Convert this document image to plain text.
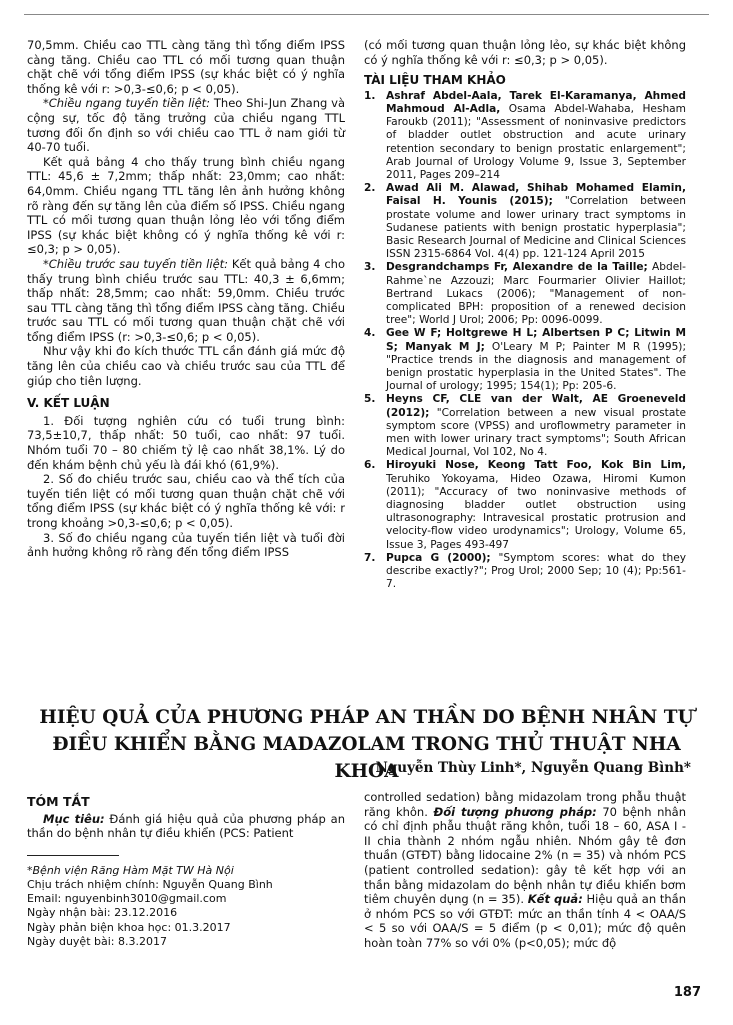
70,5mm. Chiều cao TTL càng tăng thì tổng điểm IPSS càng tăng. Chiều cao TTL có mối tương quan thuận chặt chẽ với tổng điểm IPSS (sự khác biệt có ý nghĩa thống kê với r: >0,3-≤0,6; p < 0,05).

*Chiều ngang tuyến tiền liệt: Theo Shi-Jun Zhang và cộng sự, tốc độ tăng trưởng của chiều ngang TTL tương đối ổn định so với chiều cao TTL ở nam giới từ 40-70 tuổi.

Kết quả bảng 4 cho thấy trung bình chiều ngang TTL: 45,6 ± 7,2mm; thấp nhất: 23,0mm; cao nhất: 64,0mm. Chiều ngang TTL tăng lên ảnh hưởng không rõ ràng đến sự tăng lên của điểm số IPSS. Chiều ngang TTL có mối tương quan thuận lỏng lẻo với tổng điểm IPSS (sự khác biệt không có ý nghĩa thống kê với r: ≤0,3; p > 0,05).

*Chiều trước sau tuyến tiền liệt: Kết quả bảng 4 cho thấy trung bình chiều trước sau TTL: 40,3 ± 6,6mm; thấp nhất: 28,5mm; cao nhất: 59,0mm. Chiều trước sau TTL càng tăng thì tổng điểm IPSS càng tăng. Chiều trước sau TTL có mối tương quan thuận chặt chẽ với tổng điểm IPSS (r: >0,3-≤0,6; p < 0,05).

Như vậy khi đo kích thước TTL cần đánh giá mức độ tăng lên của chiều cao và chiều trước sau của TTL để giúp cho tiên lượng.

V. KẾT LUẬN

1. Đối tượng nghiên cứu có tuổi trung bình: 73,5±10,7, thấp nhất: 50 tuổi, cao nhất: 97 tuổi. Nhóm tuổi 70 – 80 chiếm tỷ lệ cao nhất 38,1%. Lý do đến khám bệnh chủ yếu là đái khó (61,9%).

2. Số đo chiều trước sau, chiều cao và thể tích của tuyến tiền liệt có mối tương quan thuận chặt chẽ với tổng điểm IPSS (sự khác biệt có ý nghĩa thống kê với: r trong khoảng >0,3-≤0,6; p < 0,05).

3. Số đo chiều ngang của tuyến tiền liệt và tuổi đời ảnh hưởng không rõ ràng đến tổng điểm IPSS

(có mối tương quan thuận lỏng lẻo, sự khác biệt không có ý nghĩa thống kê với r: ≤0,3; p > 0,05).

TÀI LIỆU THAM KHẢO
1. Ashraf Abdel-Aala, Tarek El-Karamanya, Ahmed Mahmoud Al-Adla, Osama Abdel-Wahaba, Hesham Faroukb (2011); "Assessment of noninvasive predictors of bladder outlet obstruction and acute urinary retention secondary to benign prostatic enlargement"; Arab Journal of Urology Volume 9, Issue 3, September 2011, Pages 209–214
2. Awad Ali M. Alawad, Shihab Mohamed Elamin, Faisal H. Younis (2015); "Correlation between prostate volume and lower urinary tract symptoms in Sudanese patients with benign prostatic hyperplasia"; Basic Research Journal of Medicine and Clinical Sciences ISSN 2315-6864 Vol. 4(4) pp. 121-124 April 2015
3. Desgrandchamps Fr, Alexandre de la Taille; Abdel-Rahme`ne Azzouzi; Marc Fourmarier Olivier Haillot; Bertrand Lukacs (2006); "Management of non-complicated BPH: proposition of a renewed decision tree"; World J Urol; 2006; Pp: 0096-0099.
4. Gee W F; Holtgrewe H L; Albertsen P C; Litwin M S; Manyak M J; O'Leary M P; Painter M R (1995); "Practice trends in the diagnosis and management of benign prostatic hyperplasia in the United States". The Journal of urology; 1995; 154(1); Pp: 205-6.
5. Heyns CF, CLE van der Walt, AE Groeneveld (2012); "Correlation between a new visual prostate symptom score (VPSS) and uroflowmetry parameter in men with lower urinary tract symptoms"; South African Medical Journal, Vol 102, No 4.
6. Hiroyuki Nose, Keong Tatt Foo, Kok Bin Lim, Teruhiko Yokoyama, Hideo Ozawa, Hiromi Kumon (2011); "Accuracy of two noninvasive methods of diagnosing bladder outlet obstruction using ultrasonography: Intravesical prostatic protrusion and velocity-flow video urodynamics"; Urology, Volume 65, Issue 3, Pages 493-497
7. Pupca G (2000); "Symptom scores: what do they describe exactly?"; Prog Urol; 2000 Sep; 10 (4); Pp:561-7.
HIỆU QUẢ CỦA PHƯƠNG PHÁP AN THẦN DO BỆNH NHÂN TỰ
ĐIỀU KHIỂN BẰNG MADAZOLAM TRONG THỦ THUẬT NHA KHOA
Nguyễn Thùy Linh*, Nguyễn Quang Bình*
TÓM TẮT

Mục tiêu: Đánh giá hiệu quả của phương pháp an thần do bệnh nhân tự điều khiển (PCS: Patient

*Bệnh viện Răng Hàm Mặt TW Hà Nội
Chịu trách nhiệm chính: Nguyễn Quang Bình
Email: nguyenbinh3010@gmail.com
Ngày nhận bài: 23.12.2016
Ngày phản biện khoa học: 01.3.2017
Ngày duyệt bài: 8.3.2017

controlled sedation) bằng midazolam trong phẫu thuật răng khôn. Đối tượng phương pháp: 70 bệnh nhân có chỉ định phẫu thuật răng khôn, tuổi 18 – 60, ASA I - II chia thành 2 nhóm ngẫu nhiên. Nhóm gây tê đơn thuần (GTĐT) bằng lidocaine 2% (n = 35) và nhóm PCS (patient controlled sedation): gây tê kết hợp với an thần bằng midazolam do bệnh nhân tự điều khiển bơm tiêm chuyên dụng (n = 35). Kết quả: Hiệu quả an thần ở nhóm PCS so với GTĐT: mức an thần tính 4 < OAA/S < 5 so với OAA/S = 5 điểm (p < 0,01); mức độ quên hoàn toàn 77% so với 0% (p<0,05); mức độ

187
